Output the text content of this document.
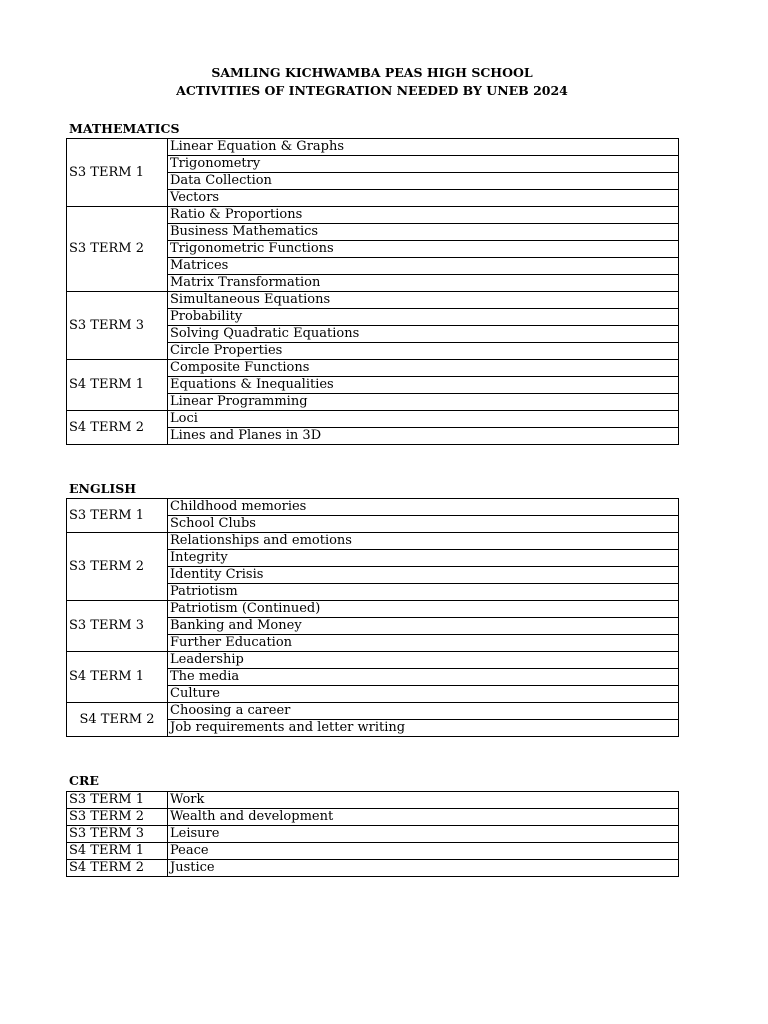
SAMLING KICHWAMBA PEAS HIGH SCHOOL
ACTIVITIES OF INTEGRATION NEEDED BY UNEB 2024
MATHEMATICS
S3 TERM 1	Linear Equation & Graphs
	Trigonometry
	Data Collection
	Vectors
S3 TERM 2	Ratio & Proportions
	Business Mathematics
	Trigonometric Functions
	Matrices
	Matrix Transformation
S3 TERM 3	Simultaneous Equations
	Probability
	Solving Quadratic Equations
	Circle Properties
S4 TERM 1	Composite Functions
	Equations & Inequalities
	Linear Programming
S4 TERM 2	Loci
	Lines and Planes in 3D
ENGLISH
S3 TERM 1	Childhood memories
	School Clubs
S3 TERM 2	Relationships and emotions
	Integrity
	Identity Crisis
	Patriotism
S3 TERM 3	Patriotism (Continued)
	Banking and Money
	Further Education
S4 TERM 1	Leadership
	The media
	Culture
S4 TERM 2	Choosing a career
	Job requirements and letter writing
CRE
S3 TERM 1	Work
S3 TERM 2	Wealth and development
S3 TERM 3	Leisure
S4 TERM 1	Peace
S4 TERM 2	Justice
